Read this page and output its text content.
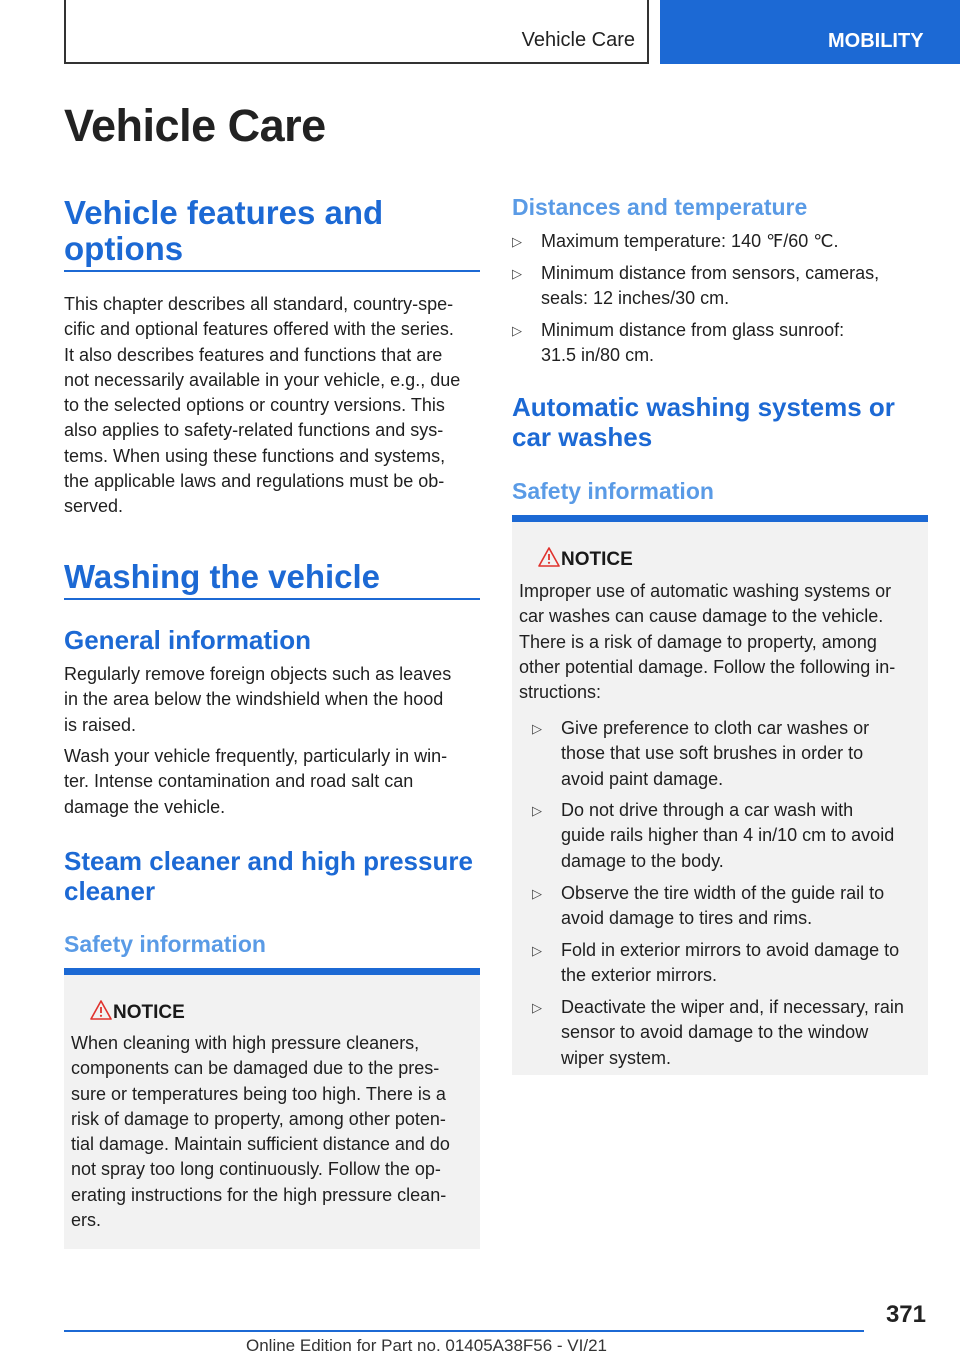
Vehicle Care	MOBILITY
Vehicle Care
Vehicle features and
options
This chapter describes all standard, country-spe-
cific and optional features offered with the series.
It also describes features and functions that are
not necessarily available in your vehicle, e.g., due
to the selected options or country versions. This
also applies to safety-related functions and sys-
tems. When using these functions and systems,
the applicable laws and regulations must be ob-
served.
Washing the vehicle
General information
Regularly remove foreign objects such as leaves
in the area below the windshield when the hood
is raised.
Wash your vehicle frequently, particularly in win-
ter. Intense contamination and road salt can
damage the vehicle.
Steam cleaner and high pressure
cleaner
Safety information
NOTICE
When cleaning with high pressure cleaners,
components can be damaged due to the pres-
sure or temperatures being too high. There is a
risk of damage to property, among other poten-
tial damage. Maintain sufficient distance and do
not spray too long continuously. Follow the op-
erating instructions for the high pressure clean-
ers.
Distances and temperature
▷ Maximum temperature: 140 ℉/60 ℃.
▷ Minimum distance from sensors, cameras,
seals: 12 inches/30 cm.
▷ Minimum distance from glass sunroof:
31.5 in/80 cm.
Automatic washing systems or
car washes
Safety information
NOTICE
Improper use of automatic washing systems or
car washes can cause damage to the vehicle.
There is a risk of damage to property, among
other potential damage. Follow the following in-
structions:
▷ Give preference to cloth car washes or
those that use soft brushes in order to
avoid paint damage.
▷ Do not drive through a car wash with
guide rails higher than 4 in/10 cm to avoid
damage to the body.
▷ Observe the tire width of the guide rail to
avoid damage to tires and rims.
▷ Fold in exterior mirrors to avoid damage to
the exterior mirrors.
▷ Deactivate the wiper and, if necessary, rain
sensor to avoid damage to the window
wiper system.
371
Online Edition for Part no. 01405A38F56 - VI/21
